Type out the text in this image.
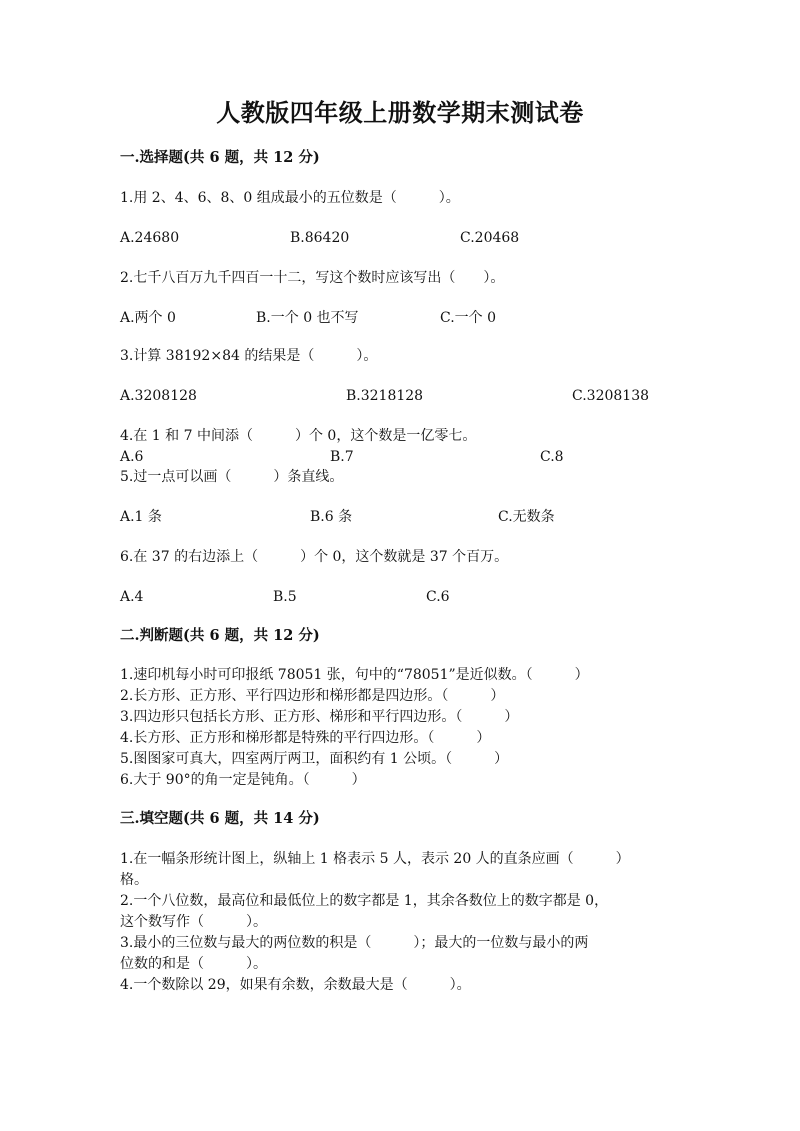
人教版四年级上册数学期末测试卷
一.选择题(共 6 题，共 12 分)
1.用 2、4、6、8、0 组成最小的五位数是（　　　）。
A.24680	B.86420	C.20468
2.七千八百万九千四百一十二，写这个数时应该写出（　　）。
A.两个 0	B.一个 0 也不写	C.一个 0
3.计算 38192×84 的结果是（　　　）。
A.3208128	B.3218128	C.3208138
4.在 1 和 7 中间添（　　　）个 0，这个数是一亿零七。
A.6	B.7	C.8
5.过一点可以画（　　　）条直线。
A.1 条	B.6 条	C.无数条
6.在 37 的右边添上（　　　）个 0，这个数就是 37 个百万。
A.4	B.5	C.6
二.判断题(共 6 题，共 12 分)
1.速印机每小时可印报纸 78051 张，句中的“78051”是近似数。（　　　）
2.长方形、正方形、平行四边形和梯形都是四边形。（　　　）
3.四边形只包括长方形、正方形、梯形和平行四边形。（　　　）
4.长方形、正方形和梯形都是特殊的平行四边形。（　　　）
5.图图家可真大，四室两厅两卫，面积约有 1 公顷。（　　　）
6.大于 90°的角一定是钝角。（　　　）
三.填空题(共 6 题，共 14 分)
1.在一幅条形统计图上，纵轴上 1 格表示 5 人，表示 20 人的直条应画（　　　）
格。
2.一个八位数，最高位和最低位上的数字都是 1，其余各数位上的数字都是 0，
这个数写作（　　　）。
3.最小的三位数与最大的两位数的积是（　　　）；最大的一位数与最小的两
位数的和是（　　　）。
4.一个数除以 29，如果有余数，余数最大是（　　　）。
